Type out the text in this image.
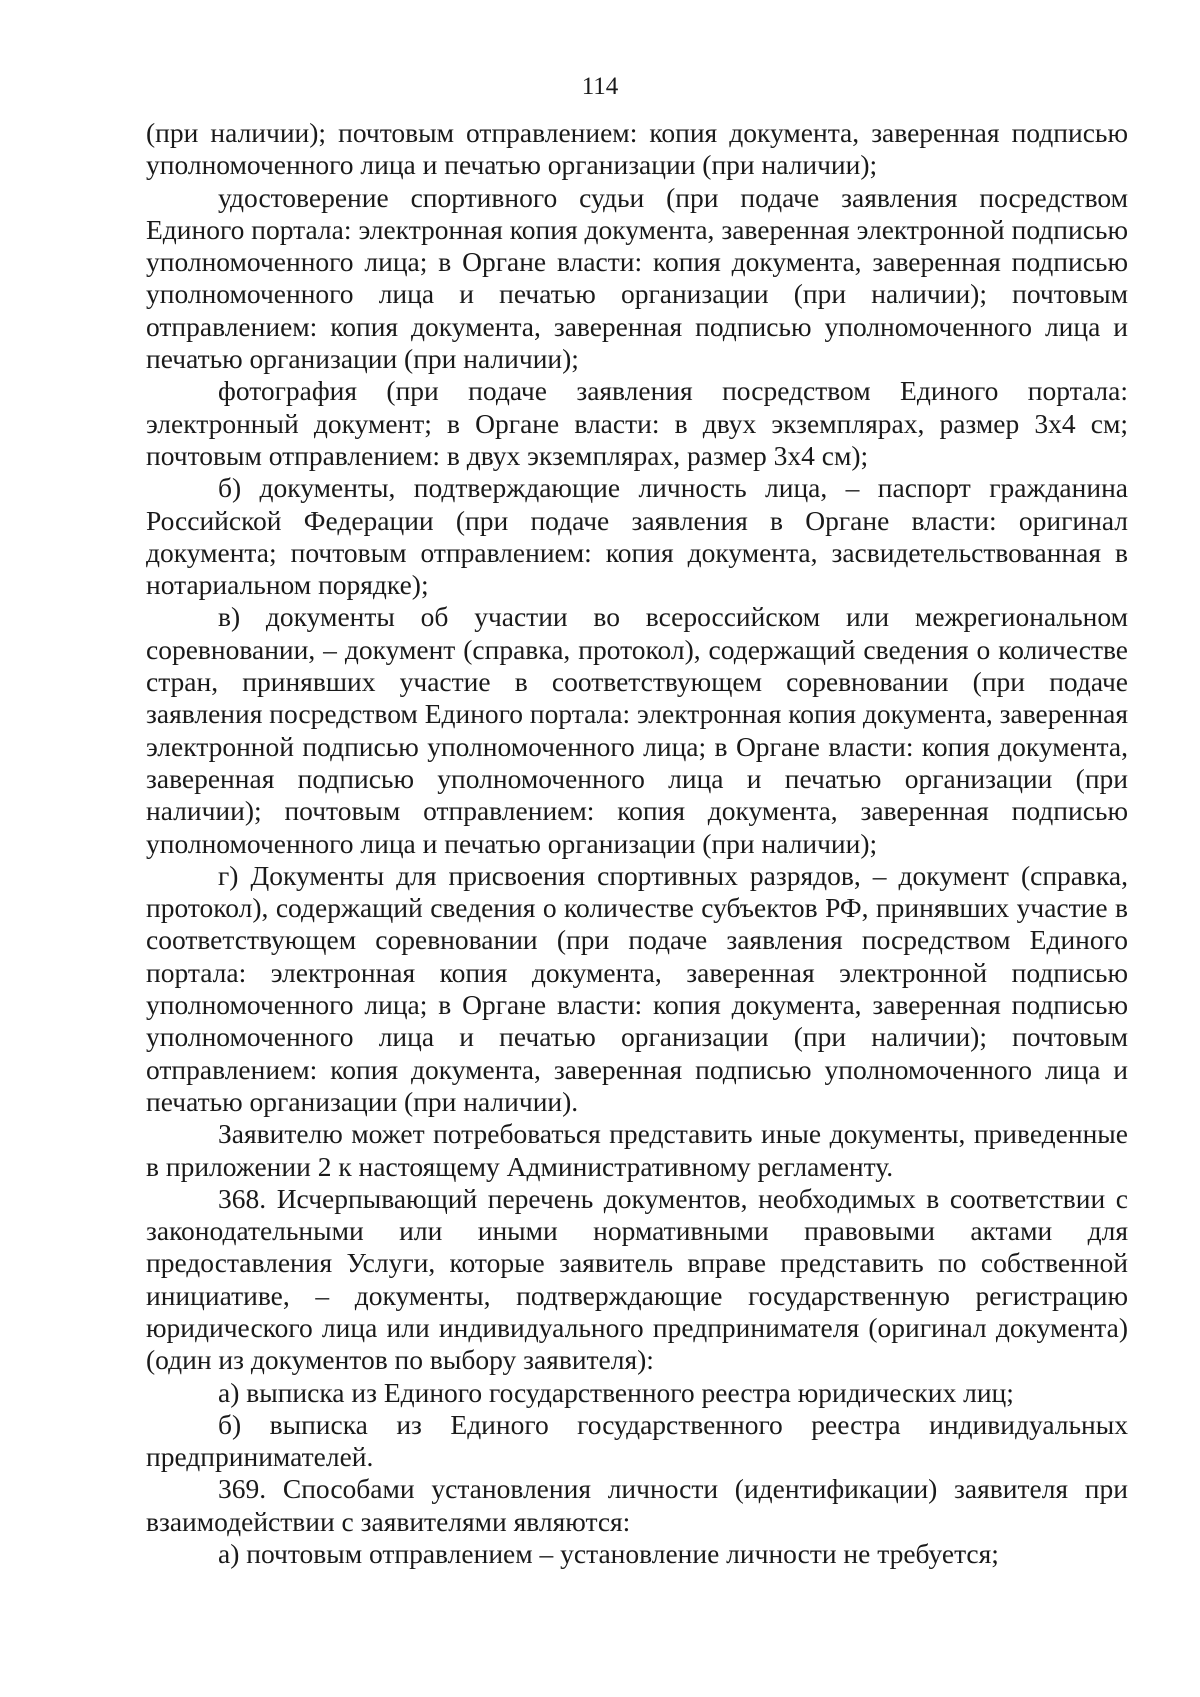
114

(при наличии); почтовым отправлением: копия документа, заверенная подписью уполномоченного лица и печатью организации (при наличии);

удостоверение спортивного судьи (при подаче заявления посредством Единого портала: электронная копия документа, заверенная электронной подписью уполномоченного лица; в Органе власти: копия документа, заверенная подписью уполномоченного лица и печатью организации (при наличии); почтовым отправлением: копия документа, заверенная подписью уполномоченного лица и печатью организации (при наличии);

фотография (при подаче заявления посредством Единого портала: электронный документ; в Органе власти: в двух экземплярах, размер 3х4 см; почтовым отправлением: в двух экземплярах, размер 3х4 см);

б) документы, подтверждающие личность лица, – паспорт гражданина Российской Федерации (при подаче заявления в Органе власти: оригинал документа; почтовым отправлением: копия документа, засвидетельствованная в нотариальном порядке);

в) документы об участии во всероссийском или межрегиональном соревновании, – документ (справка, протокол), содержащий сведения о количестве стран, принявших участие в соответствующем соревновании (при подаче заявления посредством Единого портала: электронная копия документа, заверенная электронной подписью уполномоченного лица; в Органе власти: копия документа, заверенная подписью уполномоченного лица и печатью организации (при наличии); почтовым отправлением: копия документа, заверенная подписью уполномоченного лица и печатью организации (при наличии);

г) Документы для присвоения спортивных разрядов, – документ (справка, протокол), содержащий сведения о количестве субъектов РФ, принявших участие в соответствующем соревновании (при подаче заявления посредством Единого портала: электронная копия документа, заверенная электронной подписью уполномоченного лица; в Органе власти: копия документа, заверенная подписью уполномоченного лица и печатью организации (при наличии); почтовым отправлением: копия документа, заверенная подписью уполномоченного лица и печатью организации (при наличии).

Заявителю может потребоваться представить иные документы, приведенные в приложении 2 к настоящему Административному регламенту.

368. Исчерпывающий перечень документов, необходимых в соответствии с законодательными или иными нормативными правовыми актами для предоставления Услуги, которые заявитель вправе представить по собственной инициативе, – документы, подтверждающие государственную регистрацию юридического лица или индивидуального предпринимателя (оригинал документа) (один из документов по выбору заявителя):

а) выписка из Единого государственного реестра юридических лиц;

б) выписка из Единого государственного реестра индивидуальных предпринимателей.

369. Способами установления личности (идентификации) заявителя при взаимодействии с заявителями являются:

а) почтовым отправлением – установление личности не требуется;
